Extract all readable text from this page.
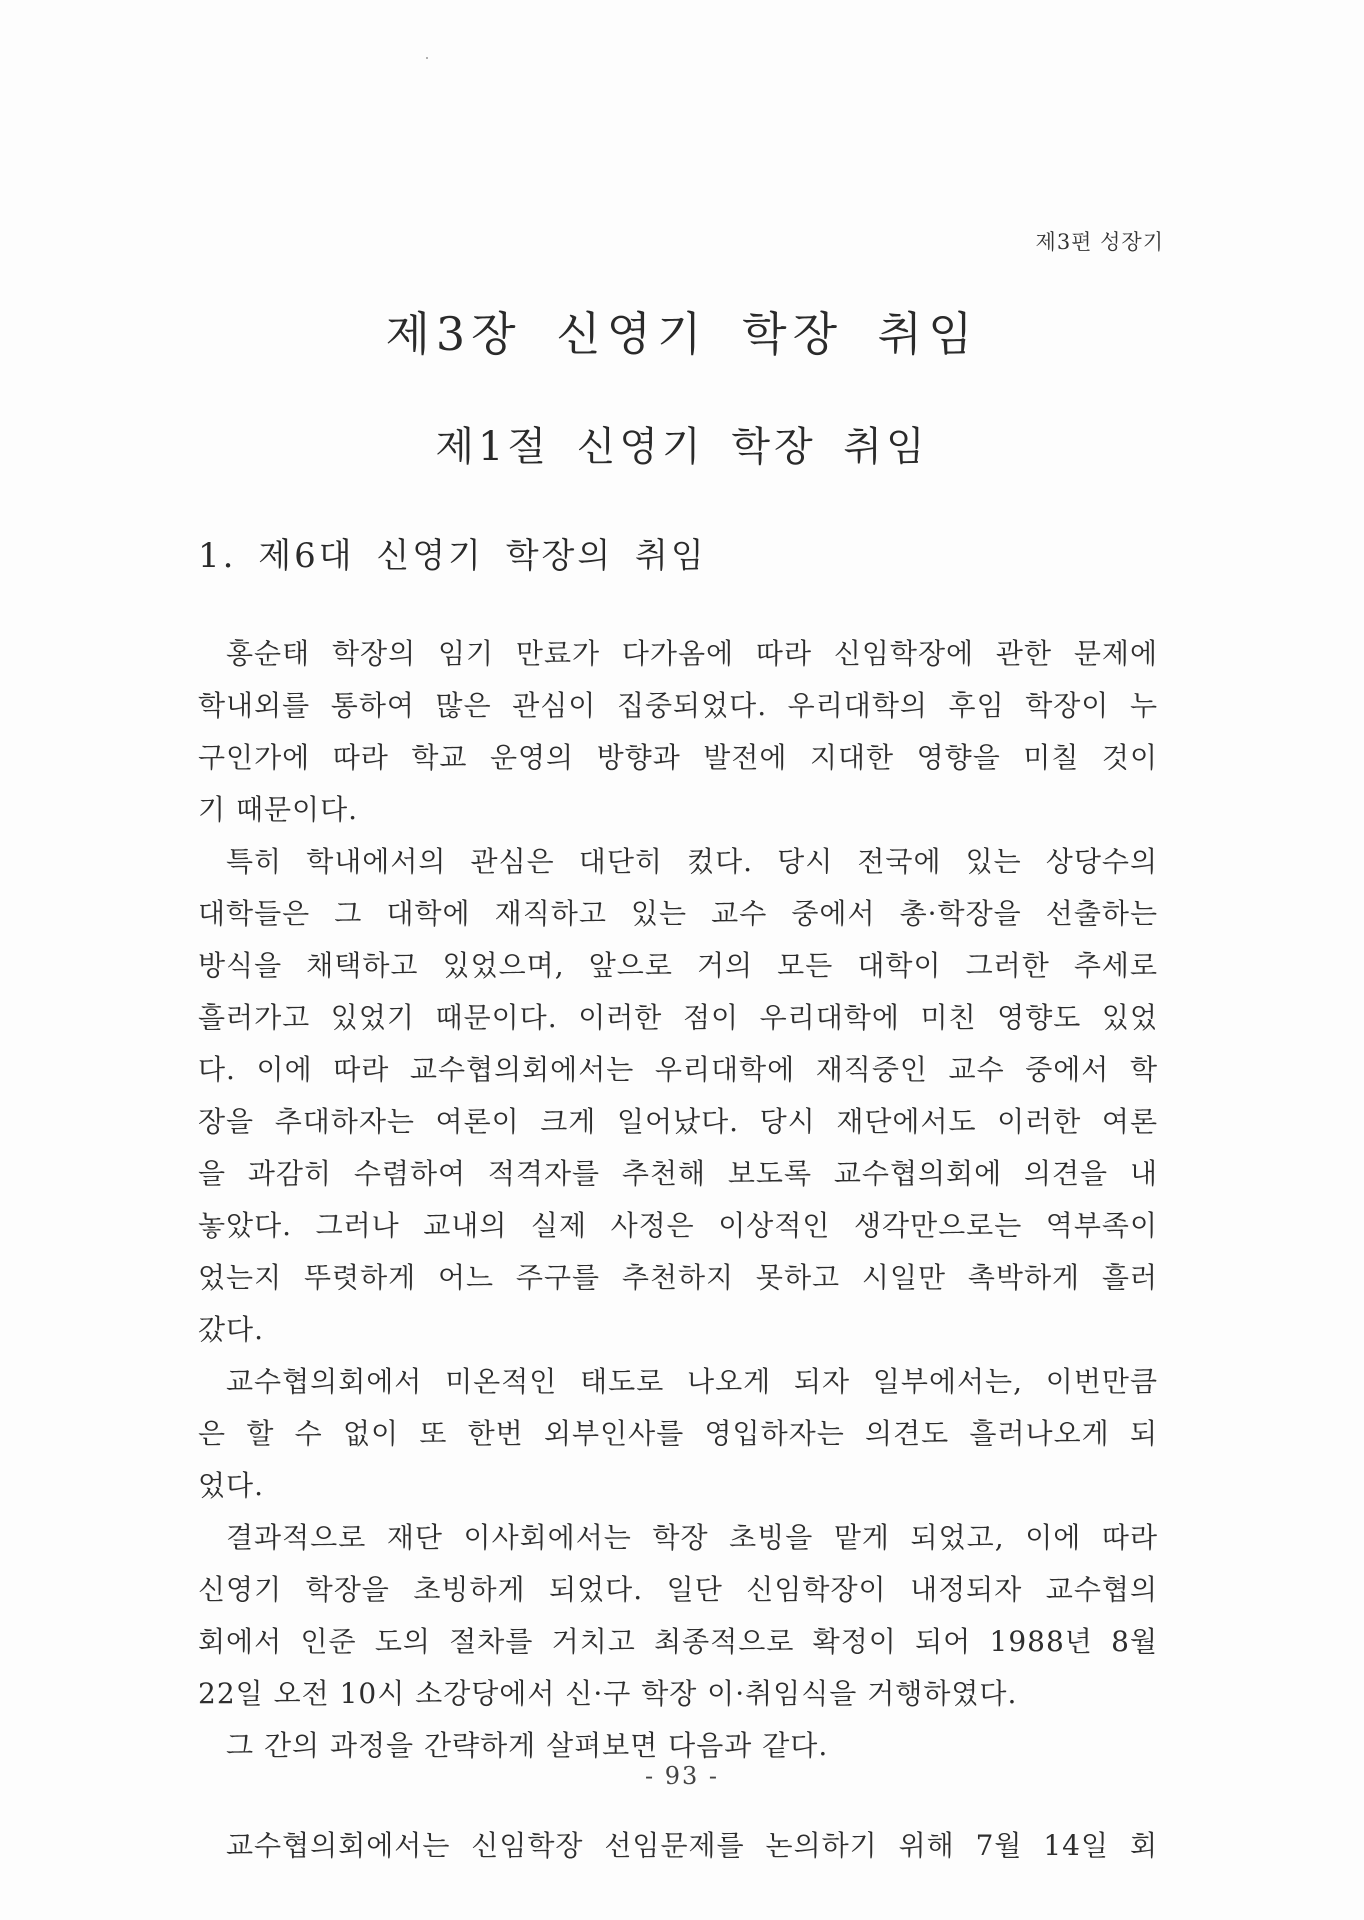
제3편 성장기
제3장 신영기 학장 취임
제1절 신영기 학장 취임
1. 제6대 신영기 학장의 취임
홍순태 학장의 임기 만료가 다가옴에 따라 신임학장에 관한 문제에
학내외를 통하여 많은 관심이 집중되었다. 우리대학의 후임 학장이 누
구인가에 따라 학교 운영의 방향과 발전에 지대한 영향을 미칠 것이
기 때문이다.
특히 학내에서의 관심은 대단히 컸다. 당시 전국에 있는 상당수의
대학들은 그 대학에 재직하고 있는 교수 중에서 총·학장을 선출하는
방식을 채택하고 있었으며, 앞으로 거의 모든 대학이 그러한 추세로
흘러가고 있었기 때문이다. 이러한 점이 우리대학에 미친 영향도 있었
다. 이에 따라 교수협의회에서는 우리대학에 재직중인 교수 중에서 학
장을 추대하자는 여론이 크게 일어났다. 당시 재단에서도 이러한 여론
을 과감히 수렴하여 적격자를 추천해 보도록 교수협의회에 의견을 내
놓았다. 그러나 교내의 실제 사정은 이상적인 생각만으로는 역부족이
었는지 뚜렷하게 어느 주구를 추천하지 못하고 시일만 촉박하게 흘러
갔다.
교수협의회에서 미온적인 태도로 나오게 되자 일부에서는, 이번만큼
은 할 수 없이 또 한번 외부인사를 영입하자는 의견도 흘러나오게 되
었다.
결과적으로 재단 이사회에서는 학장 초빙을 맡게 되었고, 이에 따라
신영기 학장을 초빙하게 되었다. 일단 신임학장이 내정되자 교수협의
회에서 인준 도의 절차를 거치고 최종적으로 확정이 되어 1988년 8월
22일 오전 10시 소강당에서 신·구 학장 이·취임식을 거행하였다.
그 간의 과정을 간략하게 살펴보면 다음과 같다.
교수협의회에서는 신임학장 선임문제를 논의하기 위해 7월 14일 회
- 93 -
